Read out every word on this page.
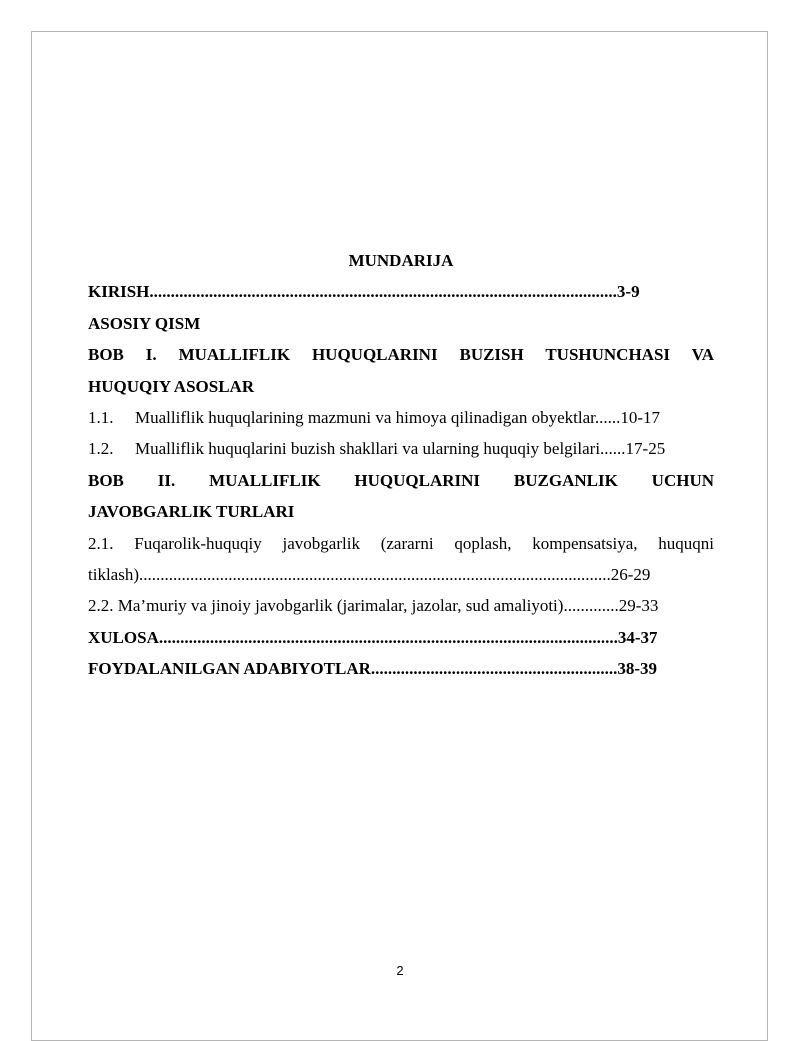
MUNDARIJA
KIRISH..............................................................................................................3-9
ASOSIY QISM
BOB I. MUALLIFLIK HUQUQLARINI BUZISH TUSHUNCHASI VA
HUQUQIY ASOSLAR
1.1.	Mualliflik huquqlarining mazmuni va himoya qilinadigan obyektlar......10-17
1.2.	Mualliflik huquqlarini buzish shakllari va ularning huquqiy belgilari......17-25
BOB II. MUALLIFLIK HUQUQLARINI BUZGANLIK UCHUN
JAVOBGARLIK TURLARI
2.1. Fuqarolik-huquqiy javobgarlik (zararni qoplash, kompensatsiya, huquqni
tiklash)...............................................................................................................26-29
2.2. Ma’muriy va jinoiy javobgarlik (jarimalar, jazolar, sud amaliyoti).............29-33
XULOSA............................................................................................................34-37
FOYDALANILGAN ADABIYOTLAR..........................................................38-39
2
